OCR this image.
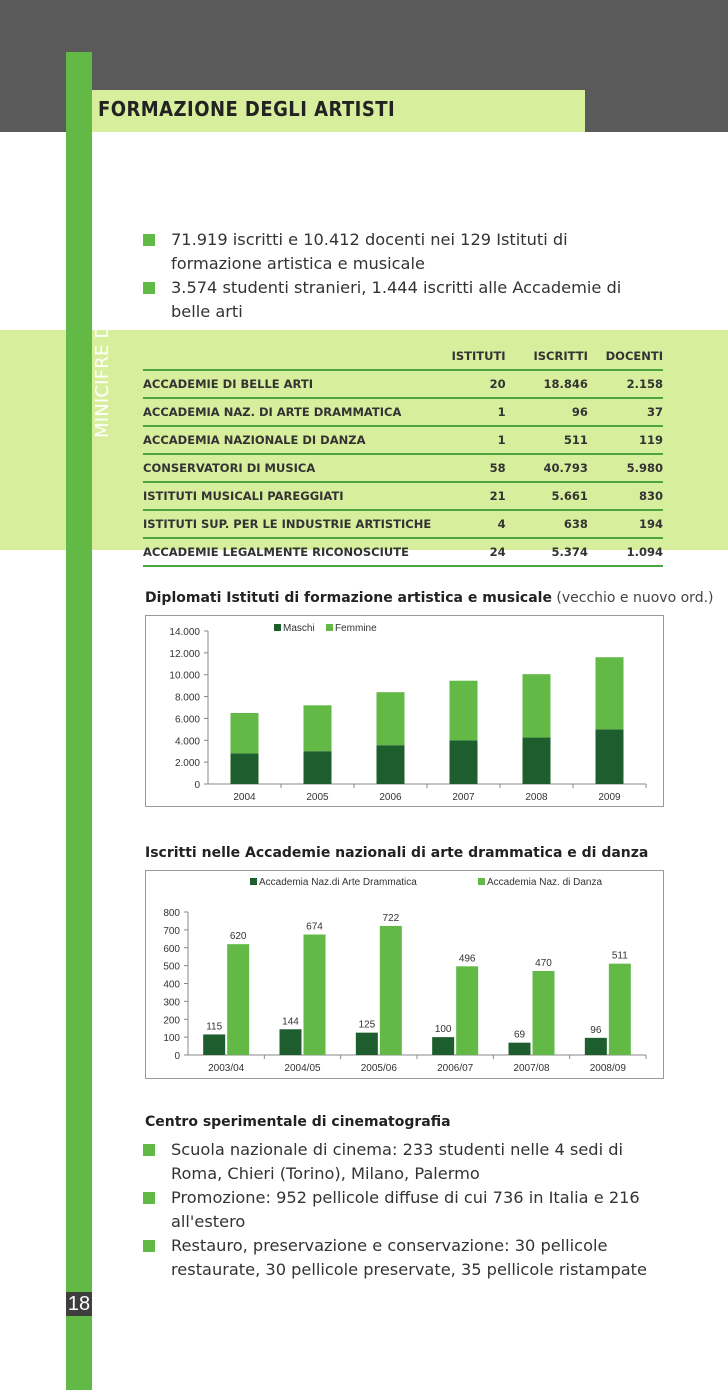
FORMAZIONE DEGLI ARTISTI
MINICIFRE DELLA CULTURA	71.919 iscritti e 10.412 docenti nei 129 Istituti di formazione artistica e musicale
3.574 studenti stranieri, 1.444 iscritti alle Accademie di belle arti
	ISTITUTI	ISCRITTI	DOCENTI
ACCADEMIE DI BELLE ARTI	20	18.846	2.158
ACCADEMIA NAZ. DI ARTE DRAMMATICA	1	96	37
ACCADEMIA NAZIONALE DI DANZA	1	511	119
CONSERVATORI DI MUSICA	58	40.793	5.980
ISTITUTI MUSICALI PAREGGIATI	21	5.661	830
ISTITUTI SUP. PER LE INDUSTRIE ARTISTICHE	4	638	194
ACCADEMIE LEGALMENTE RICONOSCIUTE	24	5.374	1.094
Diplomati Istituti di formazione artistica e musicale (vecchio e nuovo ord.)
0
2.000
4.000
6.000
8.000
10.000
12.000
14.000
2004	2005	2006	2007	2008	2009
Maschi Femmine
Iscritti nelle Accademie nazionali di arte drammatica e di danza
0
100
200
300
400
500
600
700
800
115
620
2003/04
144
674
2004/05
125
722
2005/06
100
496
2006/07
69
470
2007/08
96
511
2008/09
Accademia Naz.di Arte Drammatica	Accademia Naz. di Danza
Centro sperimentale di cinematografia
Scuola nazionale di cinema: 233 studenti nelle 4 sedi di Roma, Chieri (Torino), Milano, Palermo
Promozione: 952 pellicole diffuse di cui 736 in Italia e 216 all'estero
Restauro, preservazione e conservazione: 30 pellicole restaurate, 30 pellicole preservate, 35 pellicole ristampate
18
